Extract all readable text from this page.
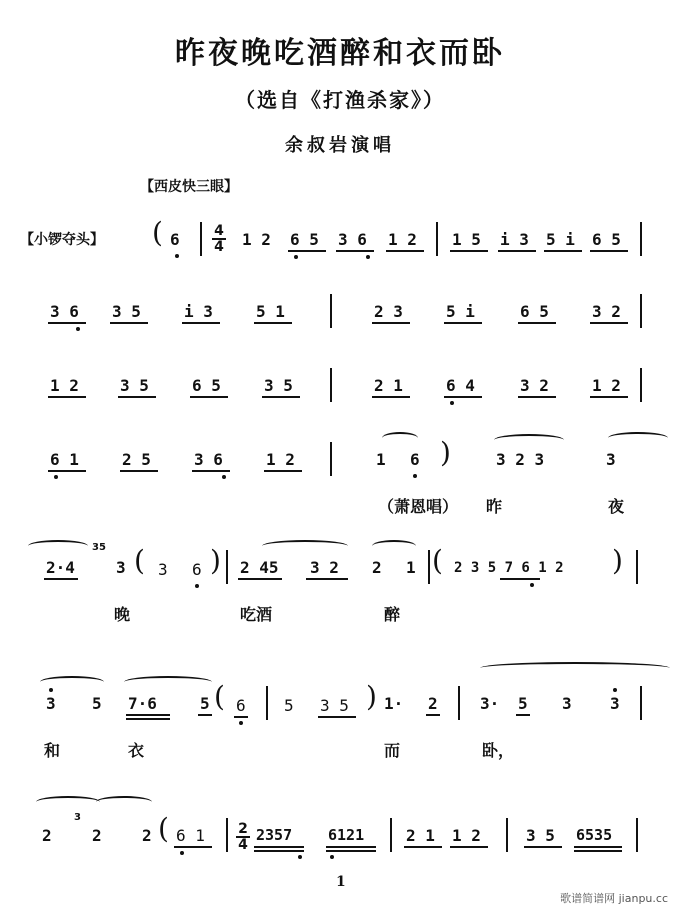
昨夜晚吃酒醉和衣而卧
（选自《打渔杀家》）
余叔岩演唱
【西皮快三眼】
【小锣夺头】 ( 6 4
4 1 2 6 5 3 6 1 2 1 5 i 3 5 i 6 5
3 6 3 5	i 3	5 1	2 3	5 i	6 5	3 2
1 2	3 5	6 5	3 5	2 1	6 4	3 2	1 2
6 1	2 5	3 6	1 2	1 6 )	3 2 3	3
（萧恩唱） 昨	夜
2·4
35
3 ( 3 6 ) 2 45 3 2 2 1 ( 2 3 5 7 6 1 2 )
晚	吃酒	醉
3 5 7·6	5 ( 6 5 3 5 ) 1· 2	3· 5 3 3
和	衣	而	卧，
2
3
2	2 ( 6 1 2
4
2357 6121	2 1 1 2	3 5 6535
1
歌谱简谱网 jianpu.cc
